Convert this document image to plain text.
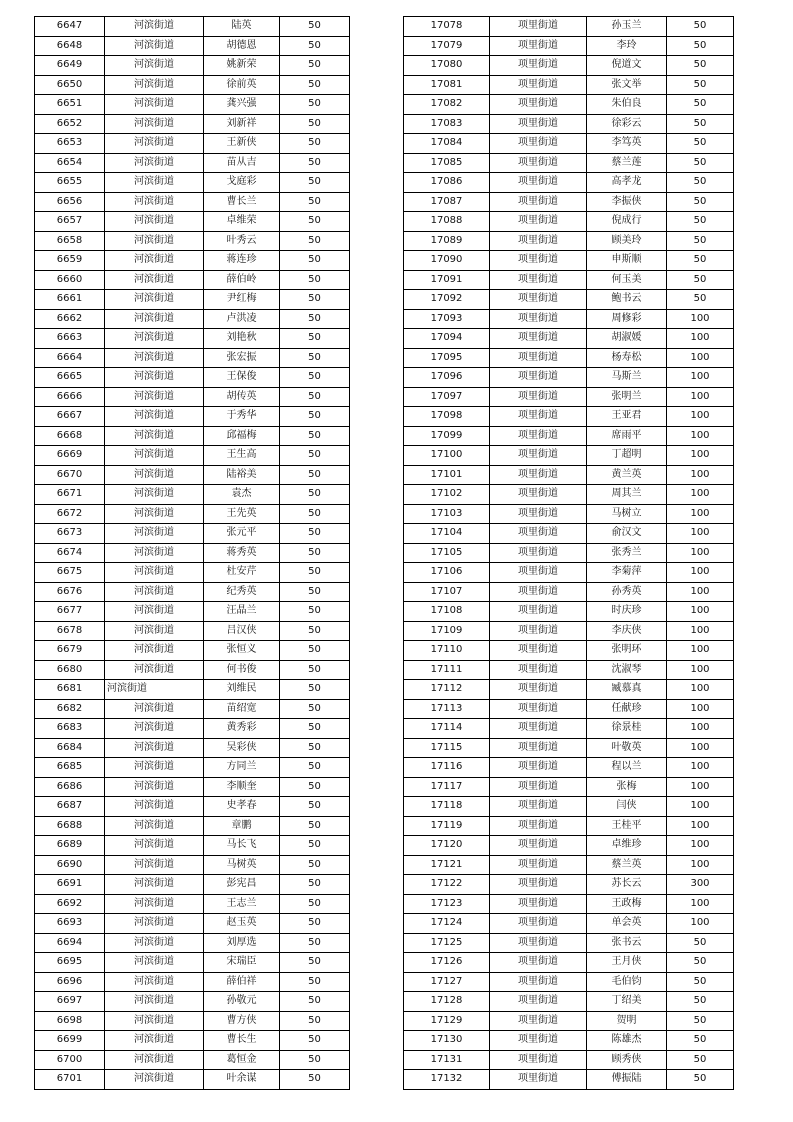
6647	河滨街道	陆英	50
6648	河滨街道	胡德恩	50
6649	河滨街道	姚新荣	50
6650	河滨街道	徐前英	50
6651	河滨街道	龚兴强	50
6652	河滨街道	刘新祥	50
6653	河滨街道	王新侠	50
6654	河滨街道	苗从吉	50
6655	河滨街道	戈庭彩	50
6656	河滨街道	曹长兰	50
6657	河滨街道	卓维荣	50
6658	河滨街道	叶秀云	50
6659	河滨街道	蒋连珍	50
6660	河滨街道	薛伯岭	50
6661	河滨街道	尹红梅	50
6662	河滨街道	卢洪凌	50
6663	河滨街道	刘艳秋	50
6664	河滨街道	张宏振	50
6665	河滨街道	王保俊	50
6666	河滨街道	胡传英	50
6667	河滨街道	于秀华	50
6668	河滨街道	邱福梅	50
6669	河滨街道	王生高	50
6670	河滨街道	陆裕美	50
6671	河滨街道	袁杰	50
6672	河滨街道	王先英	50
6673	河滨街道	张元平	50
6674	河滨街道	蒋秀英	50
6675	河滨街道	杜安芹	50
6676	河滨街道	纪秀英	50
6677	河滨街道	汪晶兰	50
6678	河滨街道	吕汉侠	50
6679	河滨街道	张恒义	50
6680	河滨街道	何书俊	50
6681	河滨街道	刘维民	50
6682	河滨街道	苗绍宽	50
6683	河滨街道	黄秀彩	50
6684	河滨街道	吴彩侠	50
6685	河滨街道	方同兰	50
6686	河滨街道	李顺奎	50
6687	河滨街道	史孝春	50
6688	河滨街道	章鹏	50
6689	河滨街道	马长飞	50
6690	河滨街道	马树英	50
6691	河滨街道	彭宪昌	50
6692	河滨街道	王志兰	50
6693	河滨街道	赵玉英	50
6694	河滨街道	刘厚选	50
6695	河滨街道	宋瑞臣	50
6696	河滨街道	薛伯祥	50
6697	河滨街道	孙敬元	50
6698	河滨街道	曹方侠	50
6699	河滨街道	曹长生	50
6700	河滨街道	葛恒金	50
6701	河滨街道	叶余谋	50
17078	项里街道	孙玉兰	50
17079	项里街道	李玲	50
17080	项里街道	倪道文	50
17081	项里街道	张文举	50
17082	项里街道	朱伯良	50
17083	项里街道	徐彩云	50
17084	项里街道	李笃英	50
17085	项里街道	蔡兰莲	50
17086	项里街道	高孝龙	50
17087	项里街道	李振侠	50
17088	项里街道	倪成行	50
17089	项里街道	顾美玲	50
17090	项里街道	申斯顺	50
17091	项里街道	何玉美	50
17092	项里街道	鲍书云	50
17093	项里街道	周修彩	100
17094	项里街道	胡淑媛	100
17095	项里街道	杨寿松	100
17096	项里街道	马斯兰	100
17097	项里街道	张明兰	100
17098	项里街道	王亚君	100
17099	项里街道	席雨平	100
17100	项里街道	丁超明	100
17101	项里街道	黄兰英	100
17102	项里街道	周其兰	100
17103	项里街道	马树立	100
17104	项里街道	俞汉文	100
17105	项里街道	张秀兰	100
17106	项里街道	李菊萍	100
17107	项里街道	孙秀英	100
17108	项里街道	时庆珍	100
17109	项里街道	李庆侠	100
17110	项里街道	张明环	100
17111	项里街道	沈淑琴	100
17112	项里街道	臧慕真	100
17113	项里街道	任献珍	100
17114	项里街道	徐景桂	100
17115	项里街道	叶敬英	100
17116	项里街道	程以兰	100
17117	项里街道	张梅	100
17118	项里街道	闫侠	100
17119	项里街道	王桂平	100
17120	项里街道	卓维珍	100
17121	项里街道	蔡兰英	100
17122	项里街道	苏长云	300
17123	项里街道	王政梅	100
17124	项里街道	单会英	100
17125	项里街道	张书云	50
17126	项里街道	王月侠	50
17127	项里街道	毛伯钧	50
17128	项里街道	丁绍美	50
17129	项里街道	贺明	50
17130	项里街道	陈雄杰	50
17131	项里街道	顾秀侠	50
17132	项里街道	傅振陆	50
